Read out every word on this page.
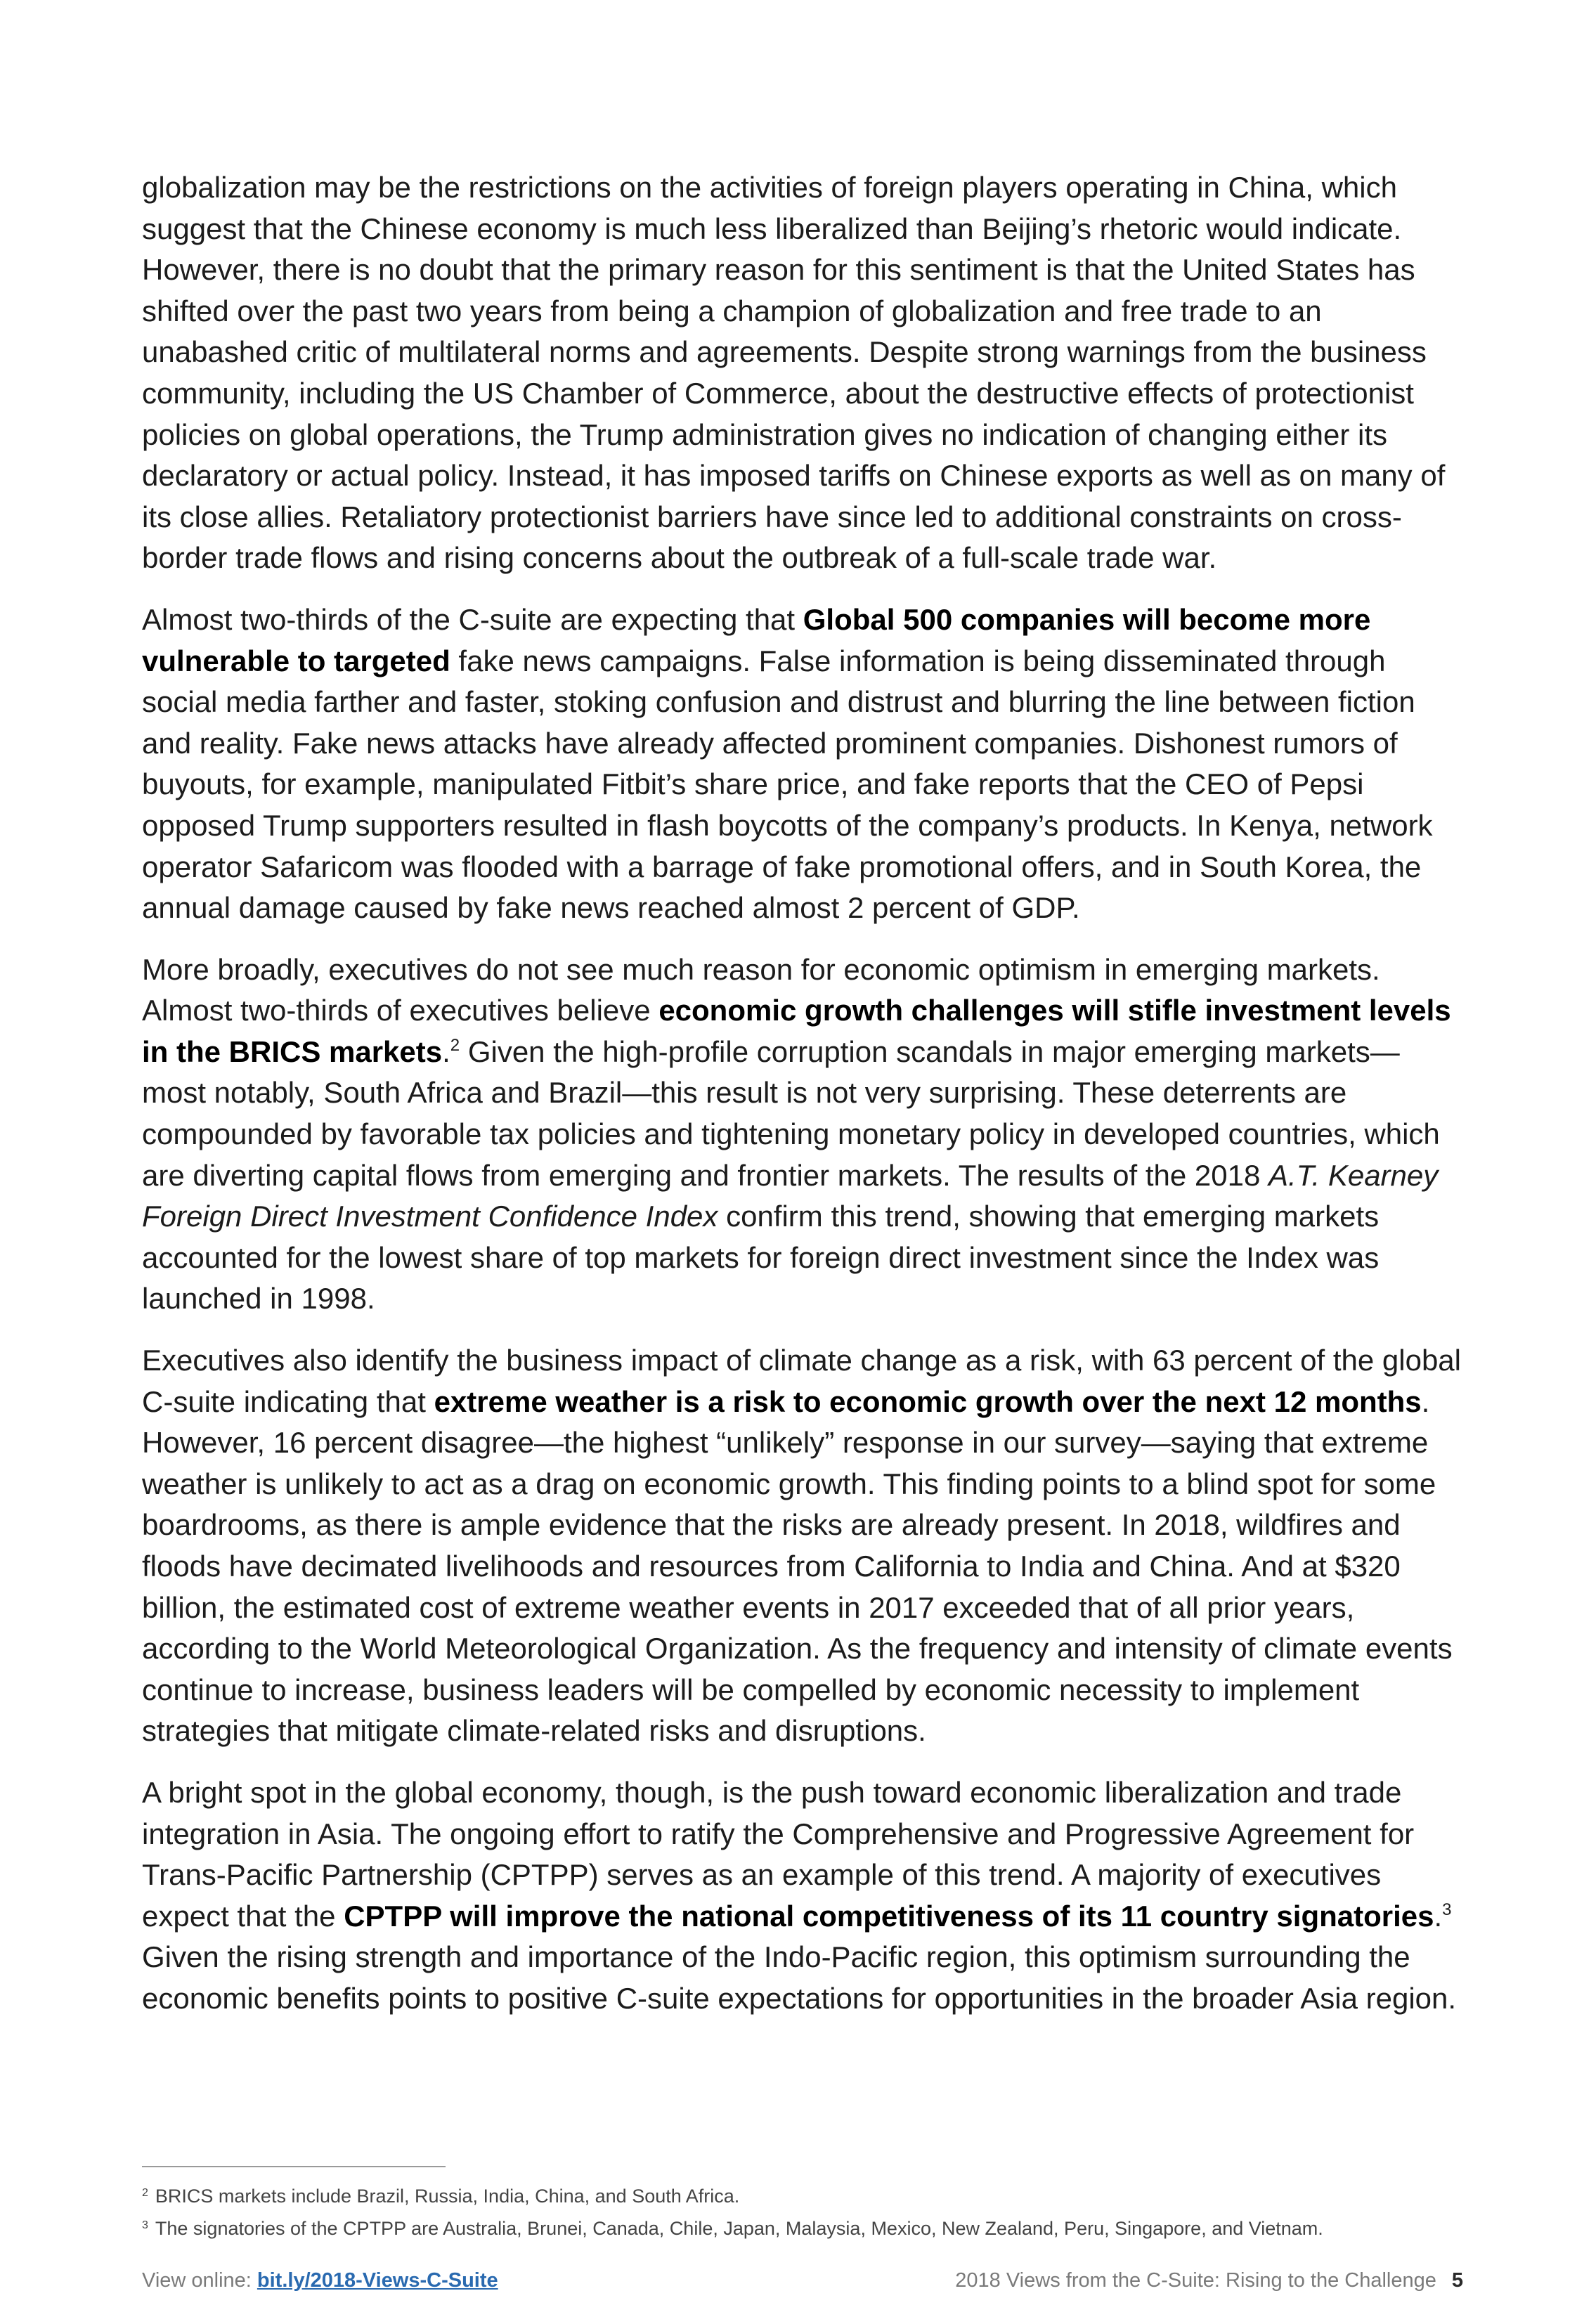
globalization may be the restrictions on the activities of foreign players operating in China, which suggest that the Chinese economy is much less liberalized than Beijing’s rhetoric would indicate. However, there is no doubt that the primary reason for this sentiment is that the United States has shifted over the past two years from being a champion of globalization and free trade to an unabashed critic of multilateral norms and agreements. Despite strong warnings from the business community, including the US Chamber of Commerce, about the destructive effects of protectionist policies on global operations, the Trump administration gives no indication of changing either its declaratory or actual policy. Instead, it has imposed tariffs on Chinese exports as well as on many of its close allies. Retaliatory protectionist barriers have since led to additional constraints on cross-border trade flows and rising concerns about the outbreak of a full-scale trade war.

Almost two-thirds of the C-suite are expecting that Global 500 companies will become more vulnerable to targeted fake news campaigns. False information is being disseminated through social media farther and faster, stoking confusion and distrust and blurring the line between fiction and reality. Fake news attacks have already affected prominent companies. Dishonest rumors of buyouts, for example, manipulated Fitbit’s share price, and fake reports that the CEO of Pepsi opposed Trump supporters resulted in flash boycotts of the company’s products. In Kenya, network operator Safaricom was flooded with a barrage of fake promotional offers, and in South Korea, the annual damage caused by fake news reached almost 2 percent of GDP.

More broadly, executives do not see much reason for economic optimism in emerging markets. Almost two-thirds of executives believe economic growth challenges will stifle investment levels in the BRICS markets.$^2$ Given the high-profile corruption scandals in major emerging markets—most notably, South Africa and Brazil—this result is not very surprising. These deterrents are compounded by favorable tax policies and tightening monetary policy in developed countries, which are diverting capital flows from emerging and frontier markets. The results of the 2018 A.T. Kearney Foreign Direct Investment Confidence Index confirm this trend, showing that emerging markets accounted for the lowest share of top markets for foreign direct investment since the Index was launched in 1998.

Executives also identify the business impact of climate change as a risk, with 63 percent of the global C-suite indicating that extreme weather is a risk to economic growth over the next 12 months. However, 16 percent disagree—the highest “unlikely” response in our survey—saying that extreme weather is unlikely to act as a drag on economic growth. This finding points to a blind spot for some boardrooms, as there is ample evidence that the risks are already present. In 2018, wildfires and floods have decimated livelihoods and resources from California to India and China. And at $320 billion, the estimated cost of extreme weather events in 2017 exceeded that of all prior years, according to the World Meteorological Organization. As the frequency and intensity of climate events continue to increase, business leaders will be compelled by economic necessity to implement strategies that mitigate climate-related risks and disruptions.

A bright spot in the global economy, though, is the push toward economic liberalization and trade integration in Asia. The ongoing effort to ratify the Comprehensive and Progressive Agreement for Trans-Pacific Partnership (CPTPP) serves as an example of this trend. A majority of executives expect that the CPTPP will improve the national competitiveness of its 11 country signatories.$^3$ Given the rising strength and importance of the Indo-Pacific region, this optimism surrounding the economic benefits points to positive C-suite expectations for opportunities in the broader Asia region.

$^2$ BRICS markets include Brazil, Russia, India, China, and South Africa.
$^3$ The signatories of the CPTPP are Australia, Brunei, Canada, Chile, Japan, Malaysia, Mexico, New Zealand, Peru, Singapore, and Vietnam.
View online: bit.ly/2018-Views-C-Suite	2018 Views from the C-Suite: Rising to the Challenge 5
